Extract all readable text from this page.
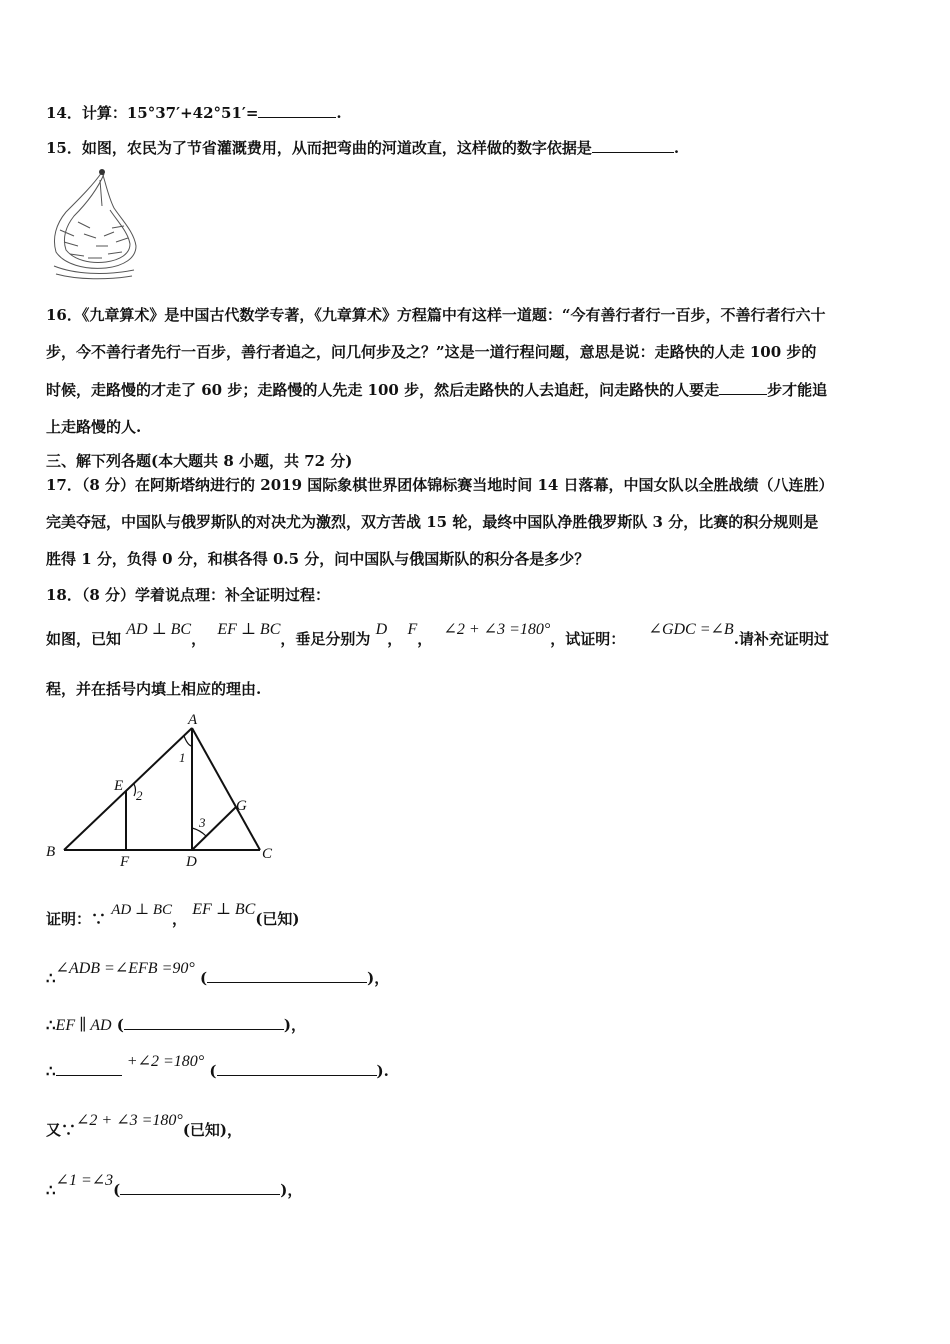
14．计算：15°37′+42°51′=	.
15．如图，农民为了节省灌溉费用，从而把弯曲的河道改直，这样做的数字依据是	.
16．《九章算术》是中国古代数学专著，《九章算术》方程篇中有这样一道题：“今有善行者行一百步，不善行者行六十
步，今不善行者先行一百步，善行者追之，问几何步及之？”这是一道行程问题，意思是说：走路快的人走 100 步的
时候，走路慢的才走了 60 步；走路慢的人先走 100 步，然后走路快的人去追赶，问走路快的人要走	步才能追
上走路慢的人.
三、解下列各题(本大题共 8 小题，共 72 分)
17．（8 分）在阿斯塔纳进行的 2019 国际象棋世界团体锦标赛当地时间 14 日落幕，中国女队以全胜战绩（八连胜）
完美夺冠，中国队与俄罗斯队的对决尤为激烈，双方苦战 15 轮，最终中国队净胜俄罗斯队 3 分，比赛的积分规则是
胜得 1 分，负得 0 分，和棋各得 0.5 分，问中国队与俄国斯队的积分各是多少？
18．（8 分）学着说点理：补全证明过程：
如图，已知 AD ⊥ BC， EF ⊥ BC，垂足分别为 D， F， ∠2 + ∠3 =180°，试证明： ∠GDC =∠B.请补充证明过
程，并在括号内填上相应的理由.
A
B	C
D
E
F
G
1
2
3
证明：∵ AD ⊥ BC， EF ⊥ BC(已知)
∴∠ADB =∠EFB =90° (	)，
∴EF ∥ AD (	)，
∴ +∠2 =180° (	).
又∵∠2 + ∠3 =180°(已知)，
∴∠1 =∠3(	)，
